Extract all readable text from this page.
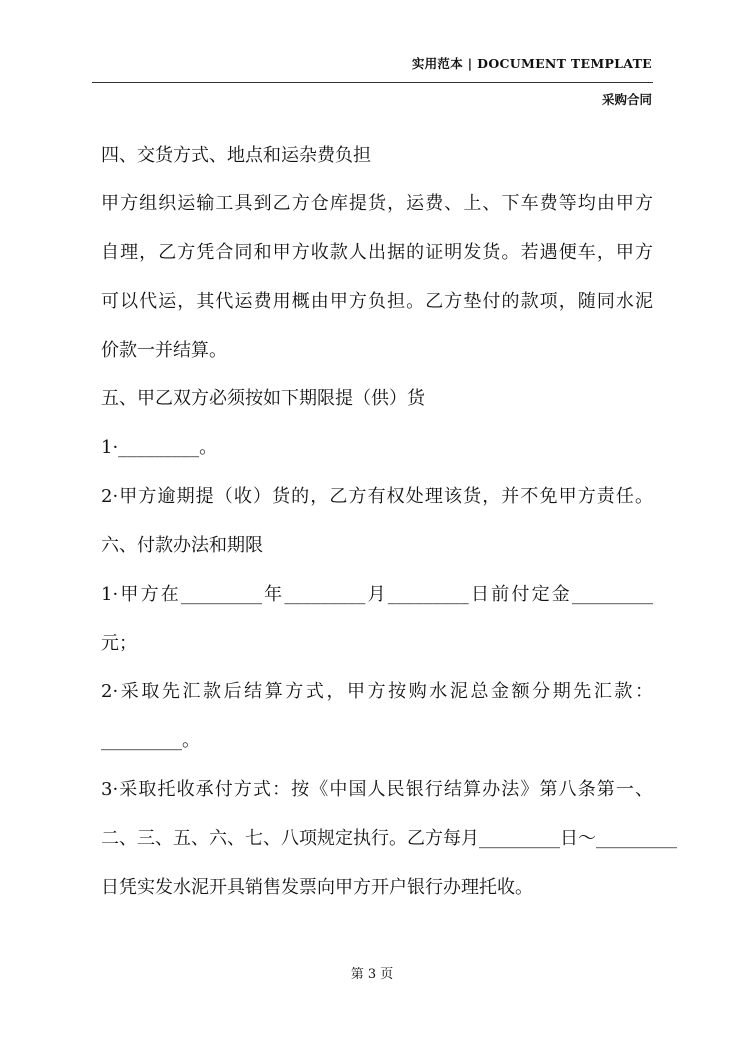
实用范本 | DOCUMENT TEMPLATE
采购合同
四、交货方式、地点和运杂费负担
甲方组织运输工具到乙方仓库提货，运费、上、下车费等均由甲方
自理，乙方凭合同和甲方收款人出据的证明发货。若遇便车，甲方
可以代运，其代运费用概由甲方负担。乙方垫付的款项，随同水泥
价款一并结算。
五、甲乙双方必须按如下期限提（供）货
1·_________。
2·甲方逾期提（收）货的，乙方有权处理该货，并不免甲方责任。
六、付款办法和期限
1·甲方在_________年_________月_________日前付定金_________
元；
2·采取先汇款后结算方式，甲方按购水泥总金额分期先汇款：
_________。
3·采取托收承付方式：按《中国人民银行结算办法》第八条第一、
二、三、五、六、七、八项规定执行。乙方每月_________日～_________
日凭实发水泥开具销售发票向甲方开户银行办理托收。
第 3 页
